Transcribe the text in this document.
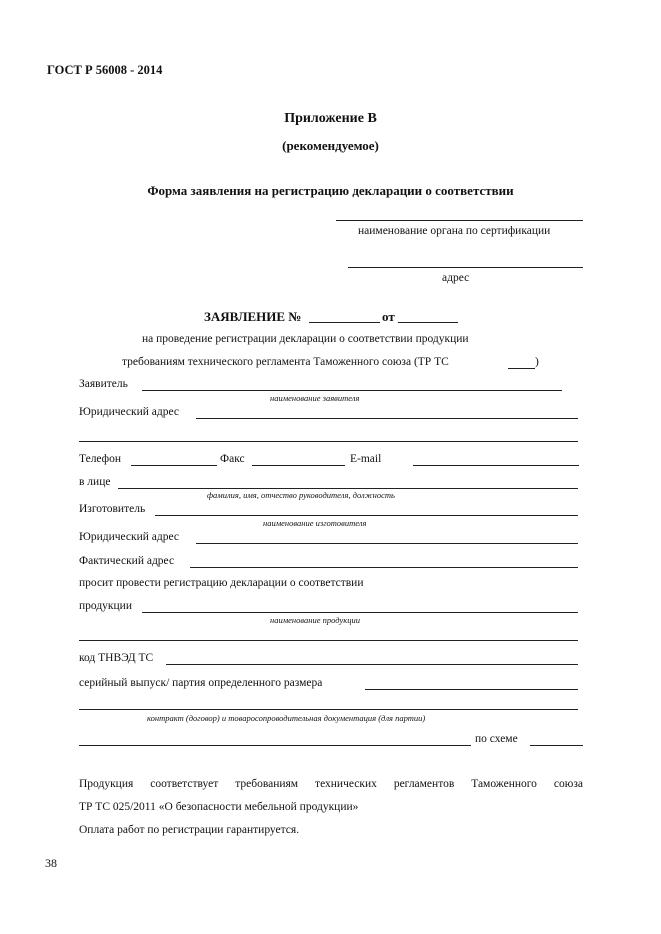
ГОСТ Р 56008 - 2014
Приложение В
(рекомендуемое)
Форма заявления на регистрацию декларации о соответствии
наименование органа по сертификации
адрес
ЗАЯВЛЕНИЕ №	от
на проведение регистрации декларации о соответствии продукции
требованиям технического регламента Таможенного союза (ТР ТС	)
Заявитель
наименование заявителя
Юридический адрес
Телефон	Факс	E-mail
в лице
фамилия, имя, отчество руководителя, должность
Изготовитель
наименование изготовителя
Юридический адрес
Фактический адрес
просит провести регистрацию декларации о соответствии
продукции
наименование продукции
код ТНВЭД ТС
серийный выпуск/ партия определенного размера
контракт (договор) и товаросопроводительная документация (для партии)
по схеме
Продукция соответствует требованиям технических регламентов Таможенного союза
ТР ТС 025/2011 «О безопасности мебельной продукции»
Оплата работ по регистрации гарантируется.
38
